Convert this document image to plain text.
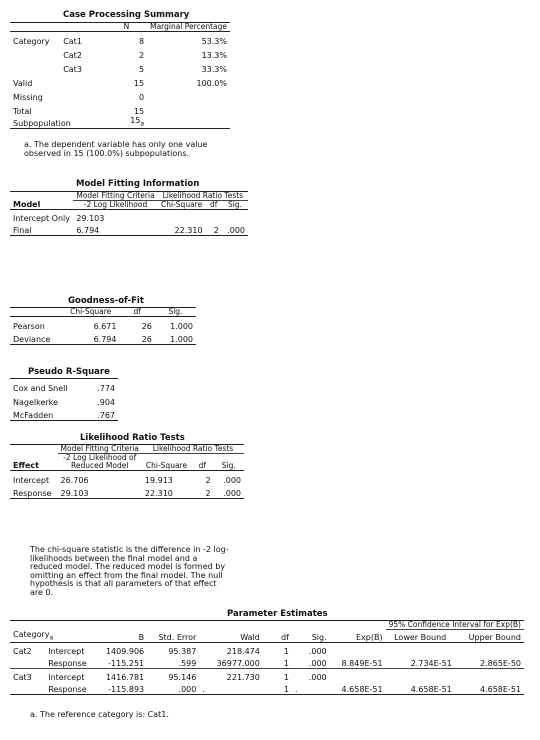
Case Processing Summary
		N	Marginal Percentage
Category	Cat1	8	53.3%
	Cat2	2	13.3%
	Cat3	5	33.3%
Valid		15	100.0%
Missing		0	
Total		15	
Subpopulation		$15_a$	
a. The dependent variable has only one value observed in 15 (100.0%) subpopulations.
Model Fitting Information
	Model Fitting Criteria	Likelihood Ratio Tests		
Model	-2 Log Likelihood	Chi-Square	df	Sig.
Intercept Only	29.103			
Final	6.794	22.310	2	.000
Goodness-of-Fit
	Chi-Square	df	Sig.
Pearson	6.671	26	1.000
Deviance	6.794	26	1.000
Pseudo R-Square
Cox and Snell	.774
Nagelkerke	.904
McFadden	.767
Likelihood Ratio Tests
	Model Fitting Criteria	Likelihood Ratio Tests		
Effect	-2 Log Likelihood of Reduced Model	Chi-Square	df	Sig.
Intercept	26.706	19.913	2	.000
Response	29.103	22.310	2	.000
The chi-square statistic is the difference in -2 log-likelihoods between the final model and a reduced model. The reduced model is formed by omitting an effect from the final model. The null hypothesis is that all parameters of that effect are 0.
Parameter Estimates
								95% Confidence Interval for Exp(B)	
Category$_a$		B	Std. Error	Wald	df	Sig.	Exp(B)	Lower Bound	Upper Bound
Cat2	Intercept	1409.906	95.387	218.474	1	.000			
	Response	-115.251	.599	36977.000	1	.000	8.849E-51	2.734E-51	2.865E-50
Cat3	Intercept	1416.781	95.146	221.730	1	.000			
	Response	-115.893	.000	.	1	.	4.658E-51	4.658E-51	4.658E-51
a. The reference category is: Cat1.
